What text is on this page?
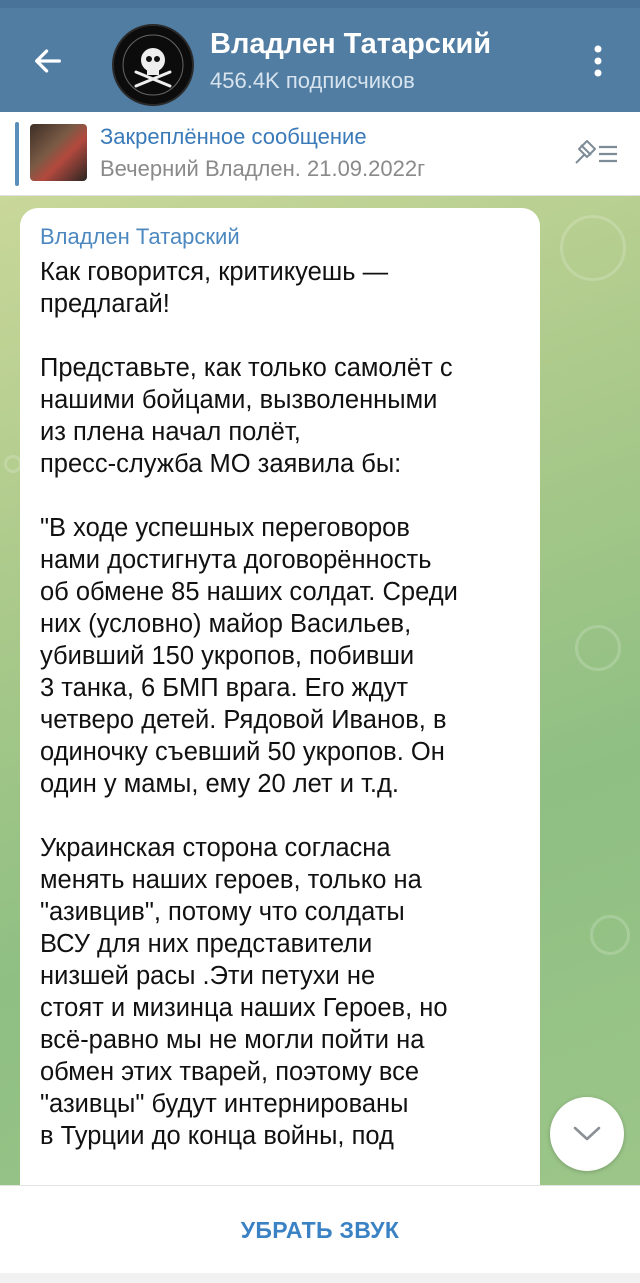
Владлен Татарский
456.4K подписчиков
Закреплённое сообщение
Вечерний Владлен. 21.09.2022г
Владлен Татарский

Как говорится, критикуешь —
предлагай!

Представьте, как только самолёт с
нашими бойцами, вызволенными
из плена начал полёт,
пресс-служба МО заявила бы:

"В ходе успешных переговоров
нами достигнута договорённость
об обмене 85 наших солдат. Среди
них (условно) майор Васильев,
убивший 150 укропов, побивши
3 танка, 6 БМП врага. Его ждут
четверо детей. Рядовой Иванов, в
одиночку съевший 50 укропов. Он
один у мамы, ему 20 лет и т.д.

Украинская сторона согласна
менять наших героев, только на
"азивцив", потому что солдаты
ВСУ для них представители
низшей расы .Эти петухи не
стоят и мизинца наших Героев, но
всё-равно мы не могли пойти на
обмен этих тварей, поэтому все
"азивцы" будут интернированы
в Турции до конца войны, под

УБРАТЬ ЗВУК
